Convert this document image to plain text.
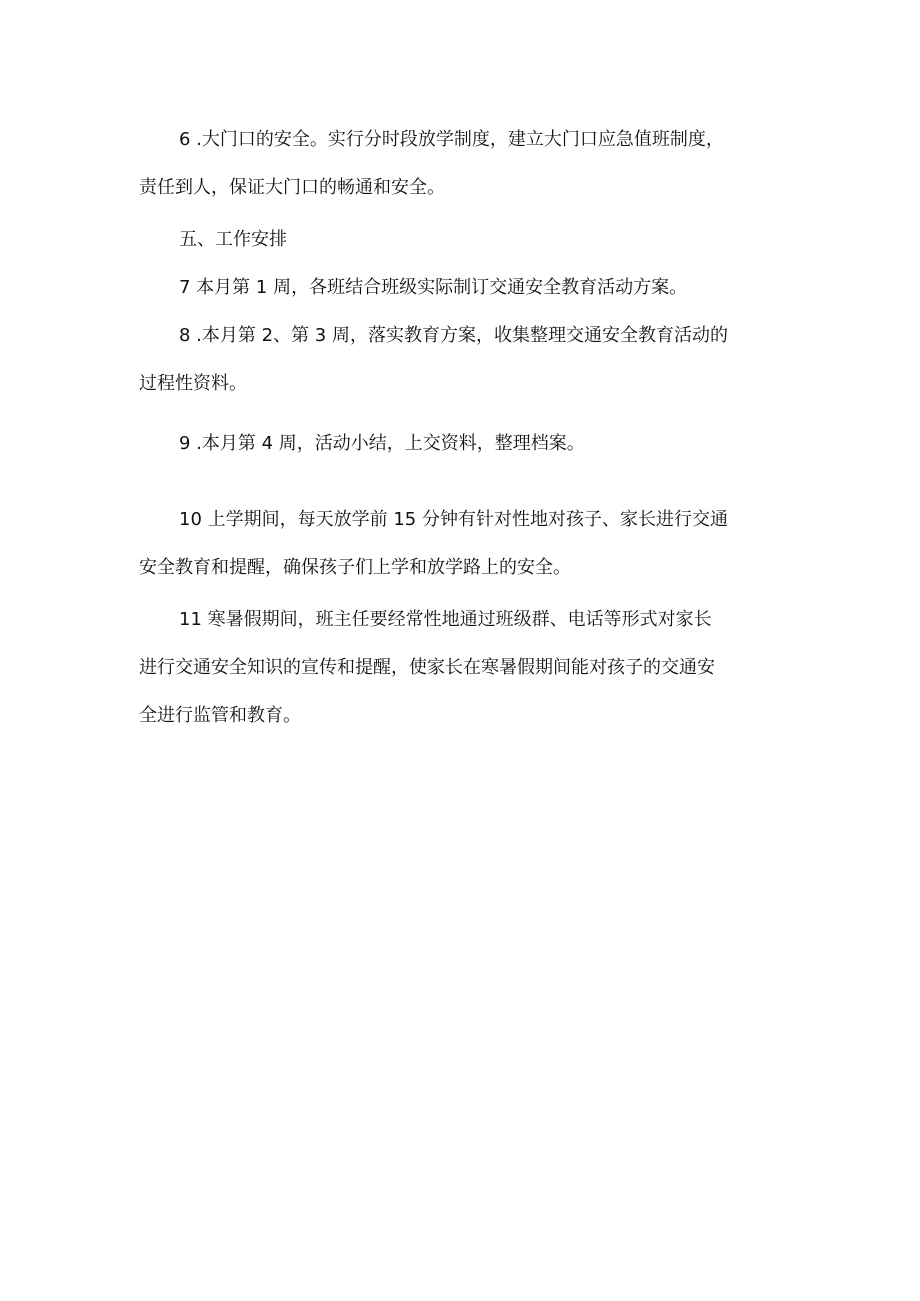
6 .大门口的安全。实行分时段放学制度，建立大门口应急值班制度，
责任到人，保证大门口的畅通和安全。

五、工作安排

7 本月第 1 周，各班结合班级实际制订交通安全教育活动方案。

8 .本月第 2、第 3 周，落实教育方案，收集整理交通安全教育活动的
过程性资料。

9 .本月第 4 周，活动小结，上交资料，整理档案。

10 上学期间，每天放学前 15 分钟有针对性地对孩子、家长进行交通
安全教育和提醒，确保孩子们上学和放学路上的安全。

11 寒暑假期间，班主任要经常性地通过班级群、电话等形式对家长
进行交通安全知识的宣传和提醒，使家长在寒暑假期间能对孩子的交通安
全进行监管和教育。
